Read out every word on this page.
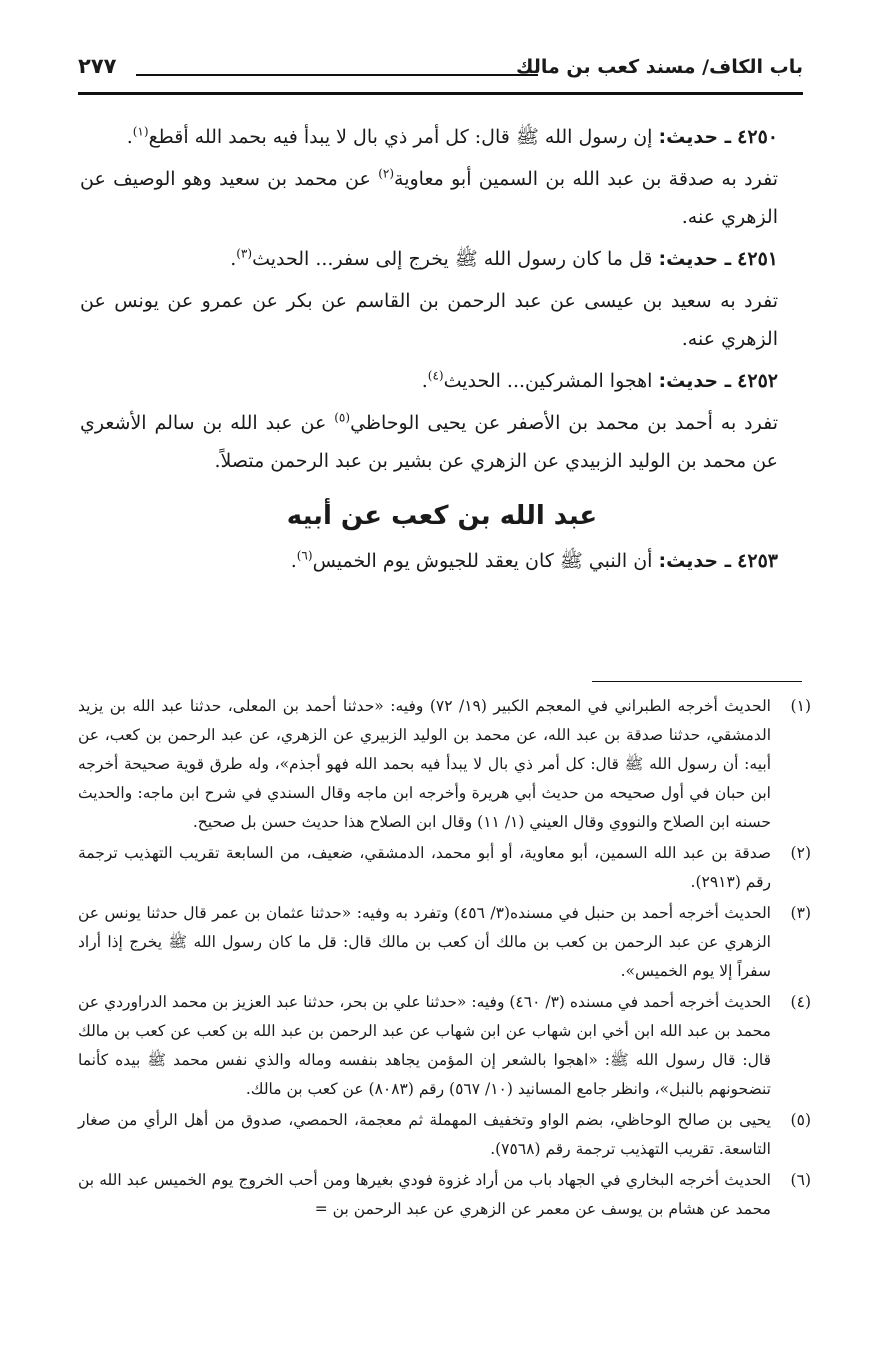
باب الكاف/ مسند كعب بن مالك
٢٧٧

٤٢٥٠ ـ حديث: إن رسول الله ﷺ قال: كل أمر ذي بال لا يبدأ فيه بحمد الله أقطع$^{(١)}$.

تفرد به صدقة بن عبد الله بن السمين أبو معاوية$^{(٢)}$ عن محمد بن سعيد وهو الوصيف عن الزهري عنه.

٤٢٥١ ـ حديث: قل ما كان رسول الله ﷺ يخرج إلى سفر... الحديث$^{(٣)}$.

تفرد به سعيد بن عيسى عن عبد الرحمن بن القاسم عن بكر عن عمرو عن يونس عن الزهري عنه.

٤٢٥٢ ـ حديث: اهجوا المشركين... الحديث$^{(٤)}$.

تفرد به أحمد بن محمد بن الأصفر عن يحيى الوحاظي$^{(٥)}$ عن عبد الله بن سالم الأشعري عن محمد بن الوليد الزبيدي عن الزهري عن بشير بن عبد الرحمن متصلاً.

عبد الله بن كعب عن أبيه

٤٢٥٣ ـ حديث: أن النبي ﷺ كان يعقد للجيوش يوم الخميس$^{(٦)}$.

(١)
الحديث أخرجه الطبراني في المعجم الكبير (١٩/ ٧٢) وفيه: «حدثنا أحمد بن المعلى، حدثنا عبد الله بن يزيد الدمشقي، حدثنا صدقة بن عبد الله، عن محمد بن الوليد الزبيري عن الزهري، عن عبد الرحمن بن كعب، عن أبيه: أن رسول الله ﷺ قال: كل أمر ذي بال لا يبدأ فيه بحمد الله فهو أجذم»، وله طرق قوية صحيحة أخرجه ابن حبان في أول صحيحه من حديث أبي هريرة وأخرجه ابن ماجه وقال السندي في شرح ابن ماجه: والحديث حسنه ابن الصلاح والنووي وقال العيني (١/ ١١) وقال ابن الصلاح هذا حديث حسن بل صحيح.
(٢)
صدقة بن عبد الله السمين، أبو معاوية، أو أبو محمد، الدمشقي، ضعيف، من السابعة تقريب التهذيب ترجمة رقم (٢٩١٣).
(٣)
الحديث أخرجه أحمد بن حنبل في مسنده(٣/ ٤٥٦) وتفرد به وفيه: «حدثنا عثمان بن عمر قال حدثنا يونس عن الزهري عن عبد الرحمن بن كعب بن مالك أن كعب بن مالك قال: قل ما كان رسول الله ﷺ يخرج إذا أراد سفراً إلا يوم الخميس».
(٤)
الحديث أخرجه أحمد في مسنده (٣/ ٤٦٠) وفيه: «حدثنا علي بن بحر، حدثنا عبد العزيز بن محمد الدراوردي عن محمد بن عبد الله ابن أخي ابن شهاب عن ابن شهاب عن عبد الرحمن بن عبد الله بن كعب عن كعب بن مالك قال: قال رسول الله ﷺ: «اهجوا بالشعر إن المؤمن يجاهد بنفسه وماله والذي نفس محمد ﷺ بيده كأنما تنضحونهم بالنبل»، وانظر جامع المسانيد (١٠/ ٥٦٧) رقم (٨٠٨٣) عن كعب بن مالك.
(٥)
يحيى بن صالح الوحاظي، بضم الواو وتخفيف المهملة ثم معجمة، الحمصي، صدوق من أهل الرأي من صغار التاسعة. تقريب التهذيب ترجمة رقم (٧٥٦٨).
(٦)
الحديث أخرجه البخاري في الجهاد باب من أراد غزوة فودي بغيرها ومن أحب الخروج يوم الخميس عبد الله بن محمد عن هشام بن يوسف عن معمر عن الزهري عن عبد الرحمن بن =
